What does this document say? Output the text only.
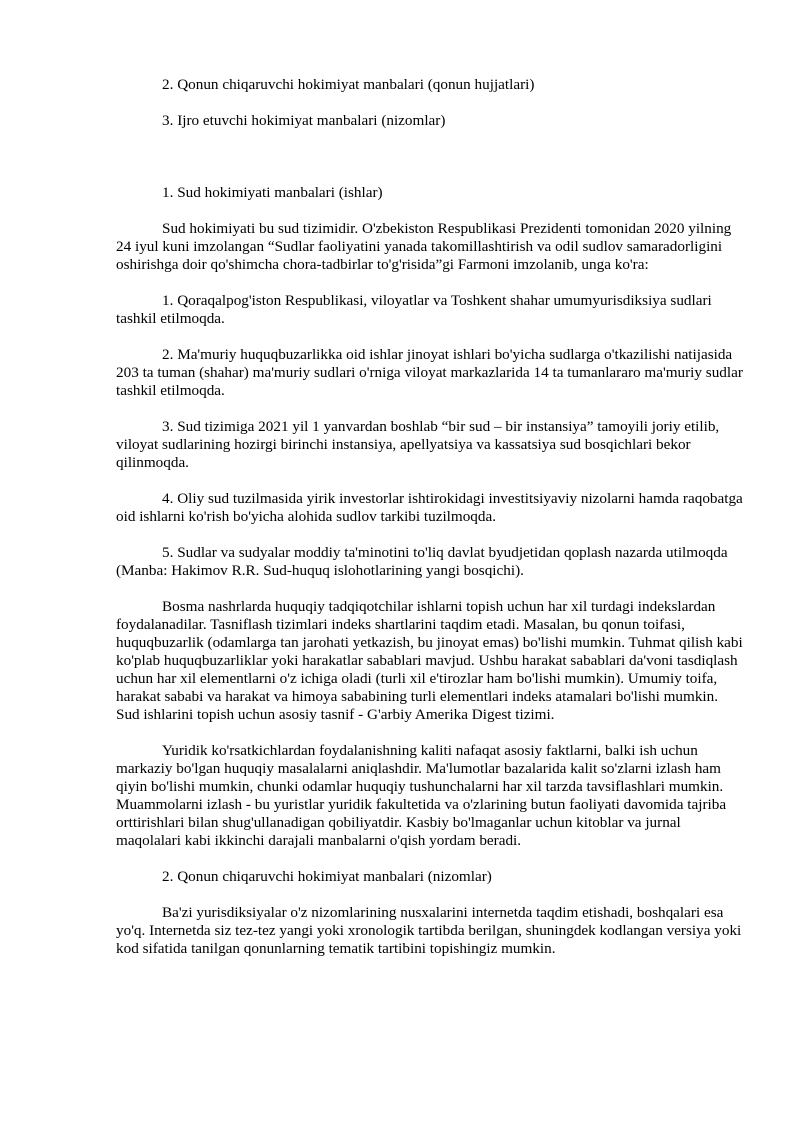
2. Qonun chiqaruvchi hokimiyat manbalari (qonun hujjatlari)

3. Ijro etuvchi hokimiyat manbalari (nizomlar)

1. Sud hokimiyati manbalari (ishlar)

Sud hokimiyati bu sud tizimidir. O'zbekiston Respublikasi Prezidenti tomonidan 2020 yilning 24 iyul kuni imzolangan “Sudlar faoliyatini yanada takomillashtirish va odil sudlov samaradorligini oshirishga doir qo'shimcha chora-tadbirlar to'g'risida”gi Farmoni imzolanib, unga ko'ra:

1. Qoraqalpog'iston Respublikasi, viloyatlar va Toshkent shahar umumyurisdiksiya sudlari tashkil etilmoqda.

2. Ma'muriy huquqbuzarlikka oid ishlar jinoyat ishlari bo'yicha sudlarga o'tkazilishi natijasida 203 ta tuman (shahar) ma'muriy sudlari o'rniga viloyat markazlarida 14 ta tumanlararo ma'muriy sudlar tashkil etilmoqda.

3. Sud tizimiga 2021 yil 1 yanvardan boshlab “bir sud – bir instansiya” tamoyili joriy etilib, viloyat sudlarining hozirgi birinchi instansiya, apellyatsiya va kassatsiya sud bosqichlari bekor qilinmoqda.

4. Oliy sud tuzilmasida yirik investorlar ishtirokidagi investitsiyaviy nizolarni hamda raqobatga oid ishlarni ko'rish bo'yicha alohida sudlov tarkibi tuzilmoqda.

5. Sudlar va sudyalar moddiy ta'minotini to'liq davlat byudjetidan qoplash nazarda utilmoqda (Manba: Hakimov R.R. Sud-huquq islohotlarining yangi bosqichi).

Bosma nashrlarda huquqiy tadqiqotchilar ishlarni topish uchun har xil turdagi indekslardan foydalanadilar. Tasniflash tizimlari indeks shartlarini taqdim etadi. Masalan, bu qonun toifasi, huquqbuzarlik (odamlarga tan jarohati yetkazish, bu jinoyat emas) bo'lishi mumkin. Tuhmat qilish kabi ko'plab huquqbuzarliklar yoki harakatlar sabablari mavjud. Ushbu harakat sabablari da'voni tasdiqlash uchun har xil elementlarni o'z ichiga oladi (turli xil e'tirozlar ham bo'lishi mumkin). Umumiy toifa, harakat sababi va harakat va himoya sababining turli elementlari indeks atamalari bo'lishi mumkin. Sud ishlarini topish uchun asosiy tasnif - G'arbiy Amerika Digest tizimi.

Yuridik ko'rsatkichlardan foydalanishning kaliti nafaqat asosiy faktlarni, balki ish uchun markaziy bo'lgan huquqiy masalalarni aniqlashdir. Ma'lumotlar bazalarida kalit so'zlarni izlash ham qiyin bo'lishi mumkin, chunki odamlar huquqiy tushunchalarni har xil tarzda tavsiflashlari mumkin. Muammolarni izlash - bu yuristlar yuridik fakultetida va o'zlarining butun faoliyati davomida tajriba orttirishlari bilan shug'ullanadigan qobiliyatdir. Kasbiy bo'lmaganlar uchun kitoblar va jurnal maqolalari kabi ikkinchi darajali manbalarni o'qish yordam beradi.

2. Qonun chiqaruvchi hokimiyat manbalari (nizomlar)

Ba'zi yurisdiksiyalar o'z nizomlarining nusxalarini internetda taqdim etishadi, boshqalari esa yo'q. Internetda siz tez-tez yangi yoki xronologik tartibda berilgan, shuningdek kodlangan versiya yoki kod sifatida tanilgan qonunlarning tematik tartibini topishingiz mumkin.
